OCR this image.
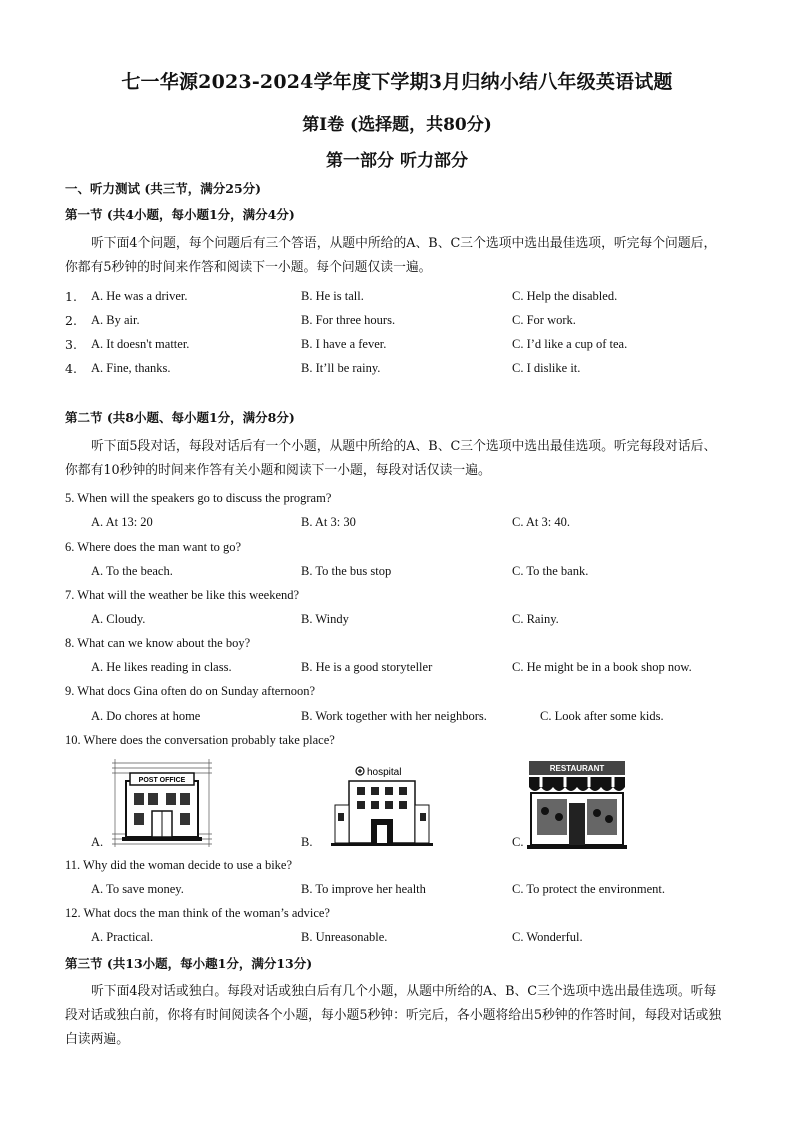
七一华源2023-2024学年度下学期3月归纳小结八年级英语试题
第Ⅰ卷 (选择题，共80分)
第一部分 听力部分
一、听力测试 (共三节，满分25分)
第一节 (共4小题，每小题1分，满分4分)
听下面4个问题，每个问题后有三个答语，从题中所给的A、B、C三个选项中选出最佳选项，听完每个问题后，你都有5秒钟的时间来作答和阅读下一小题。每个问题仅读一遍。
1. A. He was a driver.	B. He is tall.	C. Help the disabled.
2. A. By air.	B. For three hours.	C. For work.
3. A. It doesn't matter.	B. I have a fever.	C. I’d like a cup of tea.
4. A. Fine, thanks.	B. It’ll be rainy.	C. I dislike it.
第二节 (共8小题、每小题1分，满分8分)
听下面5段对话，每段对话后有一个小题，从题中所给的A、B、C三个选项中选出最佳选项。听完每段对话后、你都有10秒钟的时间来作答有关小题和阅读下一小题，每段对话仅读一遍。
5. When will the speakers go to discuss the program?
A. At 13: 20	B. At 3: 30	C. At 3: 40.
6. Where does the man want to go?
A. To the beach.	B. To the bus stop	C. To the bank.
7. What will the weather be like this weekend?
A. Cloudy.	B. Windy	C. Rainy.
8. What can we know about the boy?
A. He likes reading in class.	B. He is a good storyteller	C. He might be in a book shop now.
9. What docs Gina often do on Sunday afternoon?
A. Do chores at home	B. Work together with her neighbors.	C. Look after some kids.
10. Where does the conversation probably take place?
A.
POST OFFICE
B.
hospital
C.
RESTAURANT
11. Why did the woman decide to use a bike?
A. To save money.	B. To improve her health	C. To protect the environment.
12. What docs the man think of the woman’s advice?
A. Practical.	B. Unreasonable.	C. Wonderful.
第三节 (共13小题，每小趣1分，满分13分)
听下面4段对话或独白。每段对话或独白后有几个小题，从题中所给的A、B、C三个选项中选出最佳选项。听每段对话或独白前，你将有时间阅读各个小题，每小题5秒钟：听完后，各小题将给出5秒钟的作答时间，每段对话或独白读两遍。
